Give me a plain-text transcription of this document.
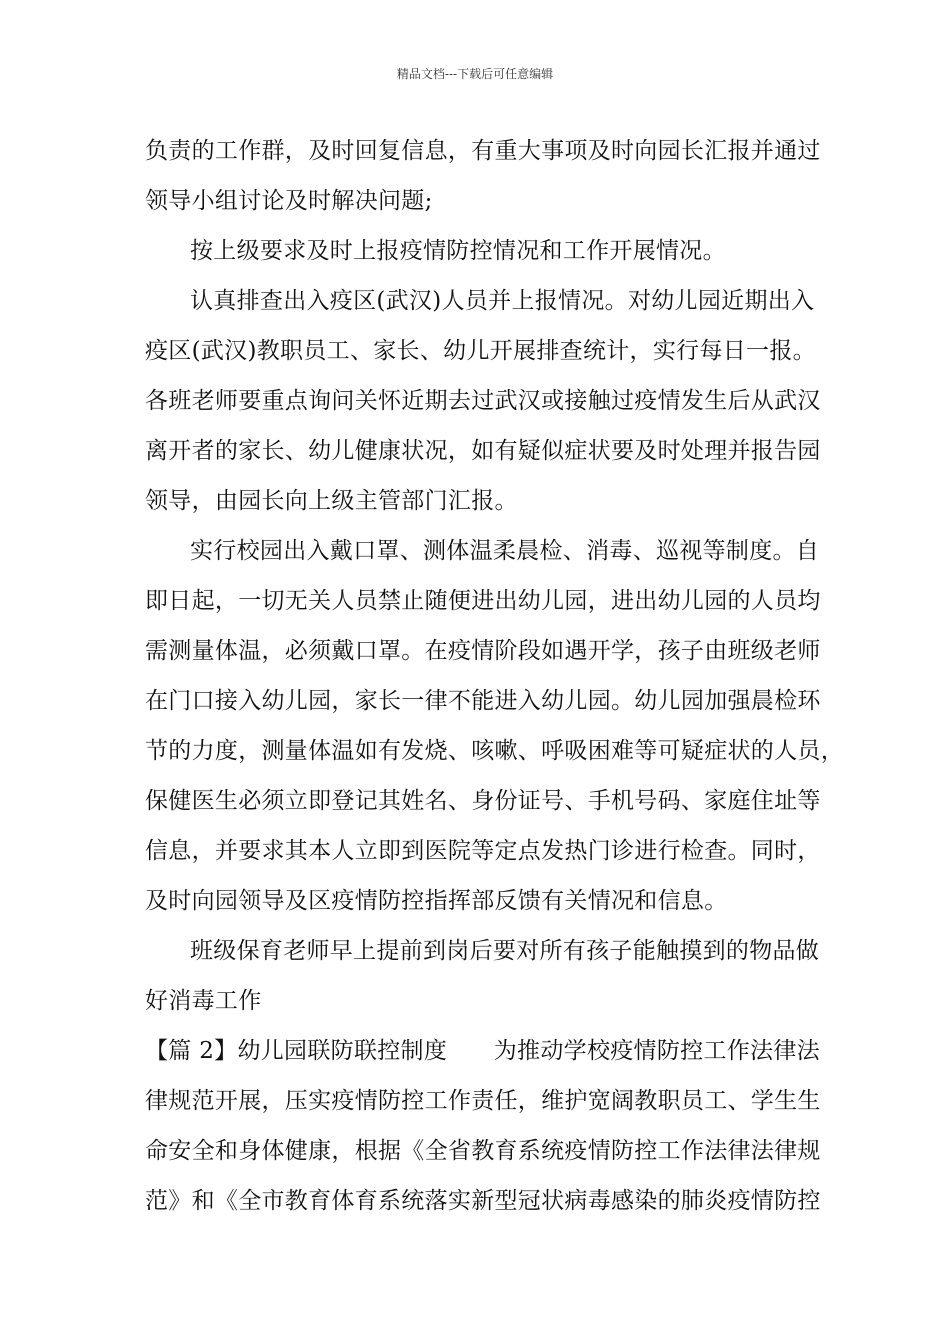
精品文档---下载后可任意编辑
负责的工作群，及时回复信息，有重大事项及时向园长汇报并通过
领导小组讨论及时解决问题;
按上级要求及时上报疫情防控情况和工作开展情况。
认真排查出入疫区(武汉)人员并上报情况。对幼儿园近期出入
疫区(武汉)教职员工、家长、幼儿开展排查统计，实行每日一报。
各班老师要重点询问关怀近期去过武汉或接触过疫情发生后从武汉
离开者的家长、幼儿健康状况，如有疑似症状要及时处理并报告园
领导，由园长向上级主管部门汇报。
实行校园出入戴口罩、测体温柔晨检、消毒、巡视等制度。自
即日起，一切无关人员禁止随便进出幼儿园，进出幼儿园的人员均
需测量体温，必须戴口罩。在疫情阶段如遇开学，孩子由班级老师
在门口接入幼儿园，家长一律不能进入幼儿园。幼儿园加强晨检环
节的力度，测量体温如有发烧、咳嗽、呼吸困难等可疑症状的人员，
保健医生必须立即登记其姓名、身份证号、手机号码、家庭住址等
信息，并要求其本人立即到医院等定点发热门诊进行检查。同时，
及时向园领导及区疫情防控指挥部反馈有关情况和信息。
班级保育老师早上提前到岗后要对所有孩子能触摸到的物品做
好消毒工作
【篇 2】幼儿园联防联控制度　　为推动学校疫情防控工作法律法
律规范开展，压实疫情防控工作责任，维护宽阔教职员工、学生生
命安全和身体健康，根据《全省教育系统疫情防控工作法律法律规
范》和《全市教育体育系统落实新型冠状病毒感染的肺炎疫情防控
